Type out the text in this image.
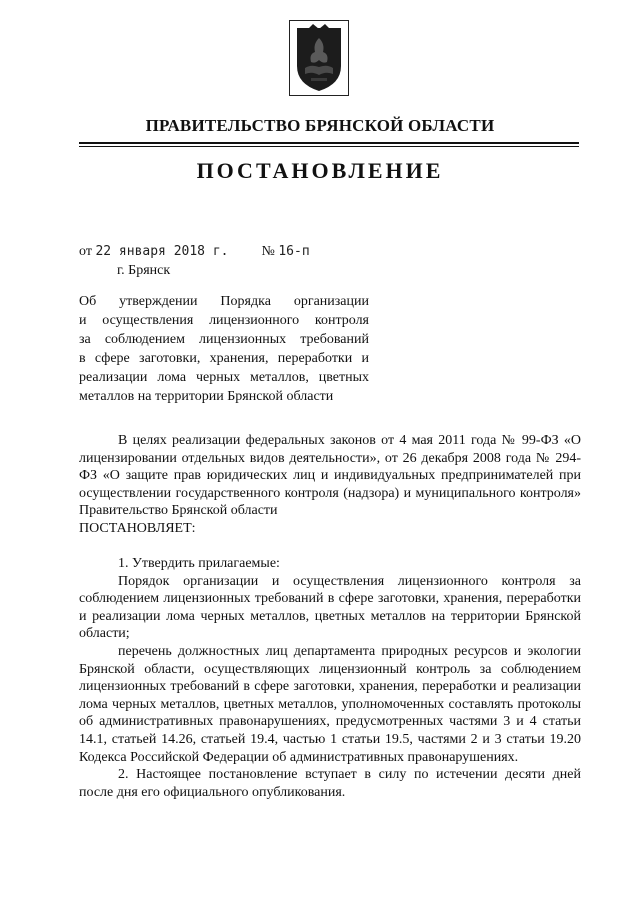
ПРАВИТЕЛЬСТВО БРЯНСКОЙ ОБЛАСТИ
ПОСТАНОВЛЕНИЕ
от 22 января 2018 г. № 16-п
г. Брянск
Об утверждении Порядка организации
и осуществления лицензионного контроля
за соблюдением лицензионных требований
в сфере заготовки, хранения, переработки и
реализации лома черных металлов, цветных
металлов на территории Брянской области

В целях реализации федеральных законов от 4 мая 2011 года № 99-ФЗ «О лицензировании отдельных видов деятельности», от 26 декабря 2008 года № 294-ФЗ «О защите прав юридических лиц и индивидуальных предпринимателей при осуществлении государственного контроля (надзора) и муниципального контроля» Правительство Брянской области

ПОСТАНОВЛЯЕТ:

1. Утвердить прилагаемые:

Порядок организации и осуществления лицензионного контроля за соблюдением лицензионных требований в сфере заготовки, хранения, переработки и реализации лома черных металлов, цветных металлов на территории Брянской области;

перечень должностных лиц департамента природных ресурсов и экологии Брянской области, осуществляющих лицензионный контроль за соблюдением лицензионных требований в сфере заготовки, хранения, переработки и реализации лома черных металлов, цветных металлов, уполномоченных составлять протоколы об административных правонарушениях, предусмотренных частями 3 и 4 статьи 14.1, статьей 14.26, статьей 19.4, частью 1 статьи 19.5, частями 2 и 3 статьи 19.20 Кодекса Российской Федерации об административных правонарушениях.

2. Настоящее постановление вступает в силу по истечении десяти дней после дня его официального опубликования.
